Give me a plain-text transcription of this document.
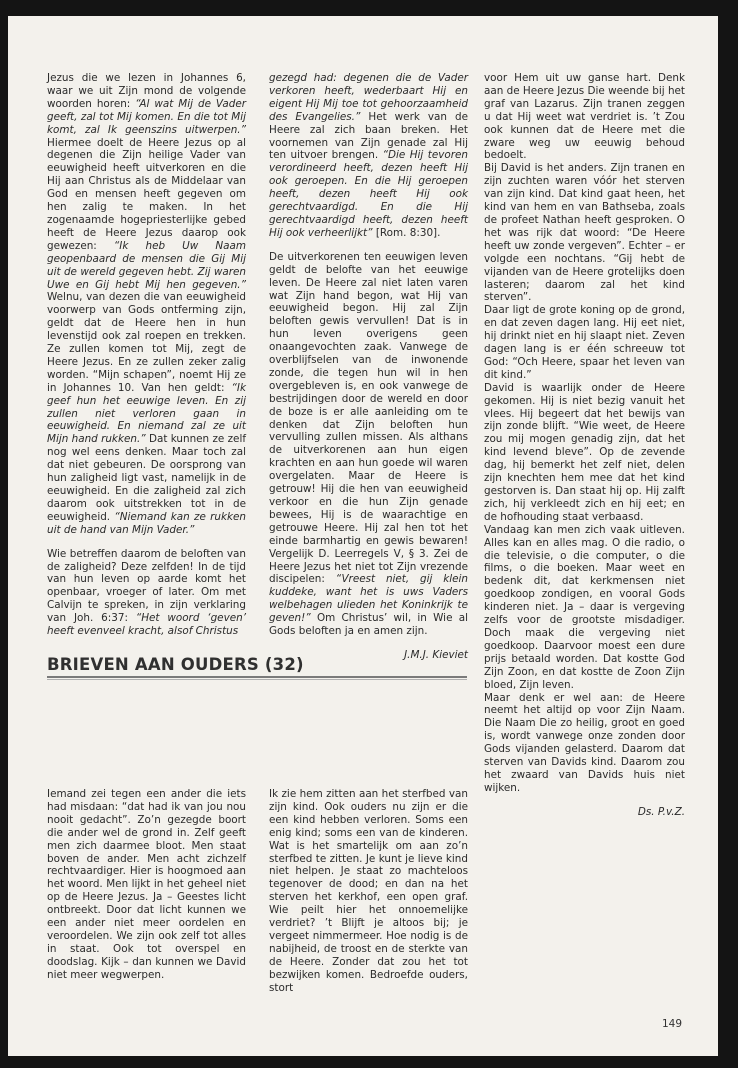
Jezus die we lezen in Johannes 6, waar we uit Zijn mond de volgende woorden horen: “Al wat Mij de Vader geeft, zal tot Mij komen. En die tot Mij komt, zal Ik geenszins uitwerpen.” Hiermee doelt de Heere Jezus op al degenen die Zijn heilige Vader van eeuwigheid heeft uitverkoren en die Hij aan Christus als de Middelaar van God en mensen heeft gegeven om hen zalig te maken. In het zogenaamde hogepriesterlijke gebed heeft de Heere Jezus daarop ook gewezen: “Ik heb Uw Naam geopenbaard de mensen die Gij Mij uit de wereld gegeven hebt. Zij waren Uwe en Gij hebt Mij hen gegeven.” Welnu, van dezen die van eeuwigheid voorwerp van Gods ontferming zijn, geldt dat de Heere hen in hun levenstijd ook zal roepen en trekken. Ze zullen komen tot Mij, zegt de Heere Jezus. En ze zullen zeker zalig worden. “Mijn schapen”, noemt Hij ze in Johannes 10. Van hen geldt: “Ik geef hun het eeuwige leven. En zij zullen niet verloren gaan in eeuwigheid. En niemand zal ze uit Mijn hand rukken.” Dat kunnen ze zelf nog wel eens denken. Maar toch zal dat niet gebeuren. De oorsprong van hun zaligheid ligt vast, namelijk in de eeuwigheid. En die zaligheid zal zich daarom ook uitstrekken tot in de eeuwigheid. “Niemand kan ze rukken uit de hand van Mijn Vader.”

Wie betreffen daarom de beloften van de zaligheid? Deze zelfden! In de tijd van hun leven op aarde komt het openbaar, vroeger of later. Om met Calvijn te spreken, in zijn verklaring van Joh. 6:37: “Het woord ‘geven’ heeft evenveel kracht, alsof Christus

gezegd had: degenen die de Vader verkoren heeft, wederbaart Hij en eigent Hij Mij toe tot gehoorzaamheid des Evangelies.” Het werk van de Heere zal zich baan breken. Het voornemen van Zijn genade zal Hij ten uitvoer brengen. “Die Hij tevoren verordineerd heeft, dezen heeft Hij ook geroepen. En die Hij geroepen heeft, dezen heeft Hij ook gerechtvaardigd. En die Hij gerechtvaardigd heeft, dezen heeft Hij ook verheerlijkt” [Rom. 8:30].

De uitverkorenen ten eeuwigen leven geldt de belofte van het eeuwige leven. De Heere zal niet laten varen wat Zijn hand begon, wat Hij van eeuwigheid begon. Hij zal Zijn beloften gewis vervullen! Dat is in hun leven overigens geen onaangevochten zaak. Vanwege de overblijfselen van de inwonende zonde, die tegen hun wil in hen overgebleven is, en ook vanwege de bestrijdingen door de wereld en door de boze is er alle aanleiding om te denken dat Zijn beloften hun vervulling zullen missen. Als althans de uitverkorenen aan hun eigen krachten en aan hun goede wil waren overgelaten. Maar de Heere is getrouw! Hij die hen van eeuwigheid verkoor en die hun Zijn genade bewees, Hij is de waarachtige en getrouwe Heere. Hij zal hen tot het einde barmhartig en gewis bewaren! Vergelijk D. Leerregels V, § 3. Zei de Heere Jezus het niet tot Zijn vrezende discipelen: “Vreest niet, gij klein kuddeke, want het is uws Vaders welbehagen ulieden het Koninkrijk te geven!” Om Christus’ wil, in Wie al Gods beloften ja en amen zijn.

J.M.J. Kieviet

voor Hem uit uw ganse hart. Denk aan de Heere Jezus Die weende bij het graf van Lazarus. Zijn tranen zeggen u dat Hij weet wat verdriet is. ’t Zou ook kunnen dat de Heere met die zware weg uw eeuwig behoud bedoelt.

Bij David is het anders. Zijn tranen en zijn zuchten waren vóór het sterven van zijn kind. Dat kind gaat heen, het kind van hem en van Bathseba, zoals de profeet Nathan heeft gesproken. O het was rijk dat woord: “De Heere heeft uw zonde vergeven”. Echter – er volgde een nochtans. “Gij hebt de vijanden van de Heere grotelijks doen lasteren; daarom zal het kind sterven”.

Daar ligt de grote koning op de grond, en dat zeven dagen lang. Hij eet niet, hij drinkt niet en hij slaapt niet. Zeven dagen lang is er één schreeuw tot God: “Och Heere, spaar het leven van dit kind.”

David is waarlijk onder de Heere gekomen. Hij is niet bezig vanuit het vlees. Hij begeert dat het bewijs van zijn zonde blijft. “Wie weet, de Heere zou mij mogen genadig zijn, dat het kind levend bleve”. Op de zevende dag, hij bemerkt het zelf niet, delen zijn knechten hem mee dat het kind gestorven is. Dan staat hij op. Hij zalft zich, hij verkleedt zich en hij eet; en de hofhouding staat verbaasd.

Vandaag kan men zich vaak uitleven. Alles kan en alles mag. O die radio, o die televisie, o die computer, o die films, o die boeken. Maar weet en bedenk dit, dat kerkmensen niet goedkoop zondigen, en vooral Gods kinderen niet. Ja – daar is vergeving zelfs voor de grootste misdadiger. Doch maak die vergeving niet goedkoop. Daarvoor moest een dure prijs betaald worden. Dat kostte God Zijn Zoon, en dat kostte de Zoon Zijn bloed, Zijn leven.

Maar denk er wel aan: de Heere neemt het altijd op voor Zijn Naam. Die Naam Die zo heilig, groot en goed is, wordt vanwege onze zonden door Gods vijanden gelasterd. Daarom dat sterven van Davids kind. Daarom zou het zwaard van Davids huis niet wijken.

Ds. P.v.Z.

BRIEVEN AAN OUDERS (32)

Iemand zei tegen een ander die iets had misdaan: “dat had ik van jou nou nooit gedacht”. Zo’n gezegde boort die ander wel de grond in. Zelf geeft men zich daarmee bloot. Men staat boven de ander. Men acht zichzelf rechtvaardiger. Hier is hoogmoed aan het woord. Men lijkt in het geheel niet op de Heere Jezus. Ja – Geestes licht ontbreekt. Door dat licht kunnen we een ander niet meer oordelen en veroordelen. We zijn ook zelf tot alles in staat. Ook tot overspel en doodslag. Kijk – dan kunnen we David niet meer wegwerpen.

Ik zie hem zitten aan het sterfbed van zijn kind. Ook ouders nu zijn er die een kind hebben verloren. Soms een enig kind; soms een van de kinderen. Wat is het smartelijk om aan zo’n sterfbed te zitten. Je kunt je lieve kind niet helpen. Je staat zo machteloos tegenover de dood; en dan na het sterven het kerkhof, een open graf. Wie peilt hier het onnoemelijke verdriet? ’t Blijft je altoos bij; je vergeet nimmermeer. Hoe nodig is de nabijheid, de troost en de sterkte van de Heere. Zonder dat zou het tot bezwijken komen. Bedroefde ouders, stort

149
